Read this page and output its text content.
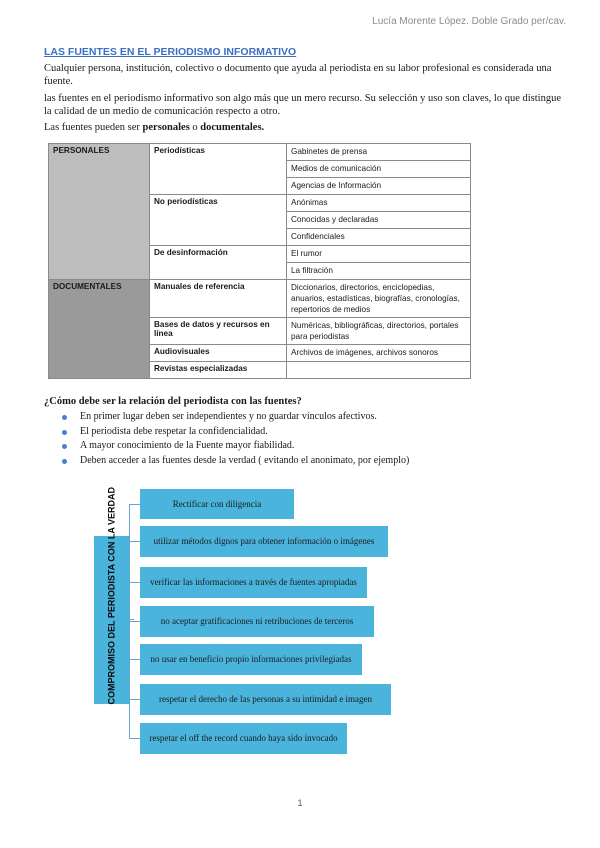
Lucía Morente López. Doble Grado per/cav.
LAS FUENTES EN EL PERIODISMO INFORMATIVO
Cualquier persona, institución, colectivo o documento que ayuda al periodista en su labor profesional es considerada una fuente.
las fuentes en el periodismo informativo son algo más que un mero recurso. Su selección y uso son claves, lo que distingue la calidad de un medio de comunicación respecto a otro.
Las fuentes pueden ser personales o documentales.
PERSONALES	Periodísticas	Gabinetes de prensa
		Medios de comunicación
		Agencias de Información
	No periodísticas	Anónimas
		Conocidas y declaradas
		Confidenciales
	De desinformación	El rumor
		La filtración
DOCUMENTALES	Manuales de referencia	Diccionarios, directorios, enciclopedias, anuarios, estadísticas, biografías, cronologías, repertorios de medios
	Bases de datos y recursos en línea	Numéricas, bibliográficas, directorios, portales para periodistas
	Audiovisuales	Archivos de imágenes, archivos sonoros
	Revistas especializadas	
¿Cómo debe ser la relación del periodista con las fuentes?
En primer lugar deben ser independientes y no guardar vínculos afectivos.
El periodista debe respetar la confidencialidad.
A mayor conocimiento de la Fuente mayor fiabilidad.
Deben acceder a las fuentes desde la verdad ( evitando el anonimato, por ejemplo)
COMPROMISO DEL PERIODISTA CON LA VERDAD	Rectificar con diligencia
utilizar métodos dignos para obtener información o imágenes
verificar las informaciones a través de fuentes apropiadas
no aceptar gratificaciones ni retribuciones de terceros
no usar en beneficio propio informaciones privilegiadas
respetar el derecho de las personas a su intimidad e imagen
respetar el off the record cuando haya sido invocado
1
